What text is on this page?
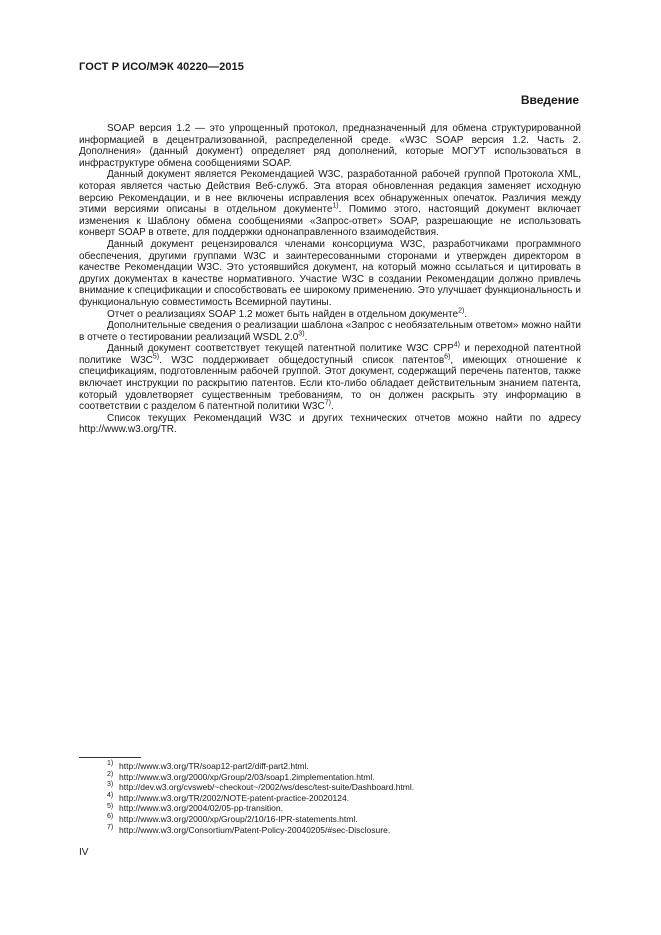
ГОСТ Р ИСО/МЭК 40220—2015
Введение

SOAP версия 1.2 — это упрощенный протокол, предназначенный для обмена структурированной информацией в децентрализованной, распределенной среде. «W3C SOAP версия 1.2. Часть 2. Дополнения» (данный документ) определяет ряд дополнений, которые МОГУТ использоваться в инфраструктуре обмена сообщениями SOAP.

Данный документ является Рекомендацией W3C, разработанной рабочей группой Протокола XML, которая является частью Действия Веб-служб. Эта вторая обновленная редакция заменяет исходную версию Рекомендации, и в нее включены исправления всех обнаруженных опечаток. Различия между этими версиями описаны в отдельном документе$^{1)}$. Помимо этого, настоящий документ включает изменения к Шаблону обмена сообщениями «Запрос-ответ» SOAP, разрешающие не использовать конверт SOAP в ответе, для поддержки однонаправленного взаимодействия.

Данный документ рецензировался членами консорциума W3C, разработчиками программного обеспечения, другими группами W3C и заинтересованными сторонами и утвержден директором в качестве Рекомендации W3C. Это устоявшийся документ, на который можно ссылаться и цитировать в других документах в качестве нормативного. Участие W3C в создании Рекомендации должно привлечь внимание к спецификации и способствовать ее широкому применению. Это улучшает функциональность и функциональную совместимость Всемирной паутины.

Отчет о реализациях SOAP 1.2 может быть найден в отдельном документе$^{2)}$.

Дополнительные сведения о реализации шаблона «Запрос с необязательным ответом» можно найти в отчете о тестировании реализаций WSDL 2.0$^{3)}$.

Данный документ соответствует текущей патентной политике W3C CPP$^{4)}$ и переходной патентной политике $W3C^{5)}$. W3C поддерживает общедоступный список патентов$^{6)}$, имеющих отношение к спецификациям, подготовленным рабочей группой. Этот документ, содержащий перечень патентов, также включает инструкции по раскрытию патентов. Если кто-либо обладает действительным знанием патента, который удовлетворяет существенным требованиям, то он должен раскрыть эту информацию в соответствии с разделом 6 патентной политики $W3C^{7)}$.

Список текущих Рекомендаций W3C и других технических отчетов можно найти по адресу http://www.w3.org/TR.

$^{1)}$ http://www.w3.org/TR/soap12-part2/diff-part2.html.
$^{2)}$ http://www.w3.org/2000/xp/Group/2/03/soap1.2implementation.html.
$^{3)}$ http://dev.w3.org/cvsweb/~checkout~/2002/ws/desc/test-suite/Dashboard.html.
$^{4)}$ http://www.w3.org/TR/2002/NOTE-patent-practice-20020124.
$^{5)}$ http://www.w3.org/2004/02/05-pp-transition.
$^{6)}$ http://www.w3.org/2000/xp/Group/2/10/16-IPR-statements.html.
$^{7)}$ http://www.w3.org/Consortium/Patent-Policy-20040205/#sec-Disclosure.
IV
